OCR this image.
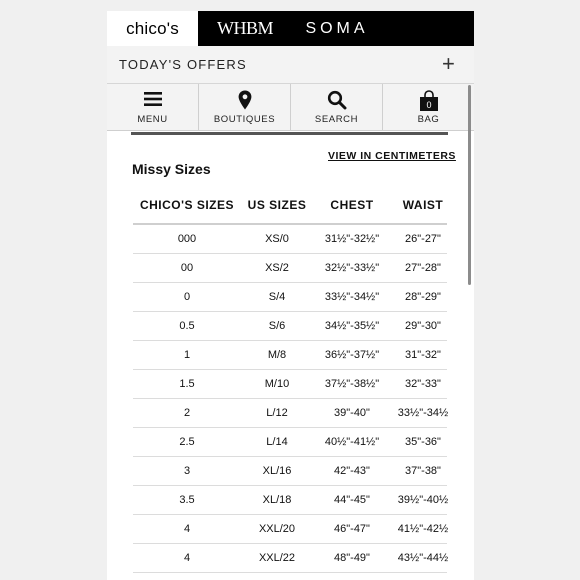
chico's	WHBM	SOMA
TODAY'S OFFERS	+
MENU	BOUTIQUES	SEARCH
0
BAG
Missy Sizes
VIEW IN CENTIMETERS
CHICO'S SIZES	US SIZES	CHEST	WAIST
000	XS/0	31½"-32½"	26"-27"
00	XS/2	32½"-33½"	27"-28"
0	S/4	33½"-34½"	28"-29"
0.5	S/6	34½"-35½"	29"-30"
1	M/8	36½"-37½"	31"-32"
1.5	M/10	37½"-38½"	32"-33"
2	L/12	39"-40"	33½"-34½
2.5	L/14	40½"-41½"	35"-36"
3	XL/16	42"-43"	37"-38"
3.5	XL/18	44"-45"	39½"-40½
4	XXL/20	46"-47"	41½"-42½
4	XXL/22	48"-49"	43½"-44½
